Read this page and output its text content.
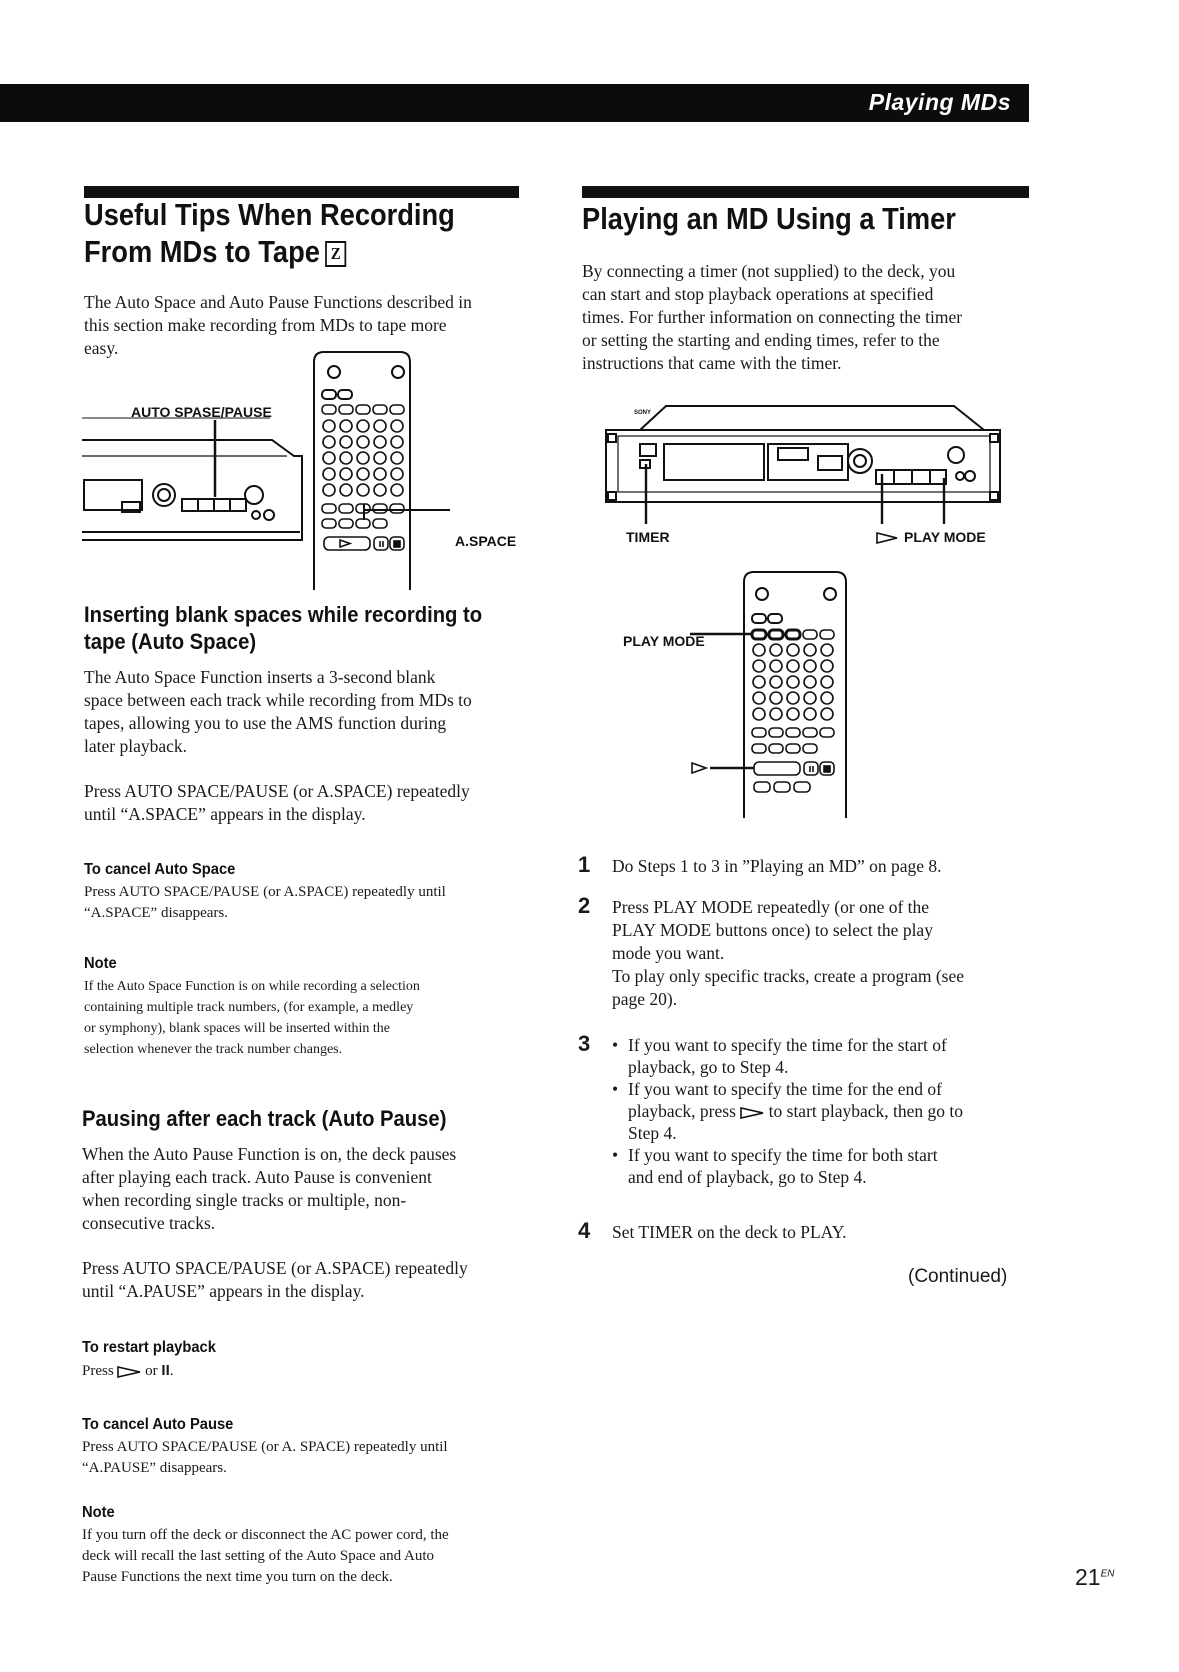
Playing MDs
Useful Tips When Recording
From MDs to Tape Z

The Auto Space and Auto Pause Functions described in

this section make recording from MDs to tape more

easy.

AUTO SPASE/PAUSE
A.SPACE
Inserting blank spaces while recording to
tape (Auto Space)

The Auto Space Function inserts a 3-second blank

space between each track while recording from MDs to

tapes, allowing you to use the AMS function during

later playback.

Press AUTO SPACE/PAUSE (or A.SPACE) repeatedly

until “A.SPACE” appears in the display.

To cancel Auto Space

Press AUTO SPACE/PAUSE (or A.SPACE) repeatedly until

“A.SPACE” disappears.

Note

If the Auto Space Function is on while recording a selection

containing multiple track numbers, (for example, a medley

or symphony), blank spaces will be inserted within the

selection whenever the track number changes.

Pausing after each track (Auto Pause)

When the Auto Pause Function is on, the deck pauses

after playing each track. Auto Pause is convenient

when recording single tracks or multiple, non-

consecutive tracks.

Press AUTO SPACE/PAUSE (or A.SPACE) repeatedly

until “A.PAUSE” appears in the display.

To restart playback

Press or II.

To cancel Auto Pause

Press AUTO SPACE/PAUSE (or A. SPACE) repeatedly until

“A.PAUSE” disappears.

Note

If you turn off the deck or disconnect the AC power cord, the

deck will recall the last setting of the Auto Space and Auto

Pause Functions the next time you turn on the deck.

Playing an MD Using a Timer

By connecting a timer (not supplied) to the deck, you

can start and stop playback operations at specified

times. For further information on connecting the timer

or setting the starting and ending times, refer to the

instructions that came with the timer.

SONY
TIMER	PLAY MODE
PLAY MODE
1 Do Steps 1 to 3 in ”Playing an MD” on page 8.

2 Press PLAY MODE repeatedly (or one of the

PLAY MODE buttons once) to select the play

mode you want.

To play only specific tracks, create a program (see

page 20).

3
•	If you want to specify the time for the start of
playback, go to Step 4.
• If you want to specify the time for the end of
playback, press to start playback, then go to
Step 4.
• If you want to specify the time for both start
and end of playback, go to Step 4.
4 Set TIMER on the deck to PLAY.

(Continued)
$21^{EN}$
